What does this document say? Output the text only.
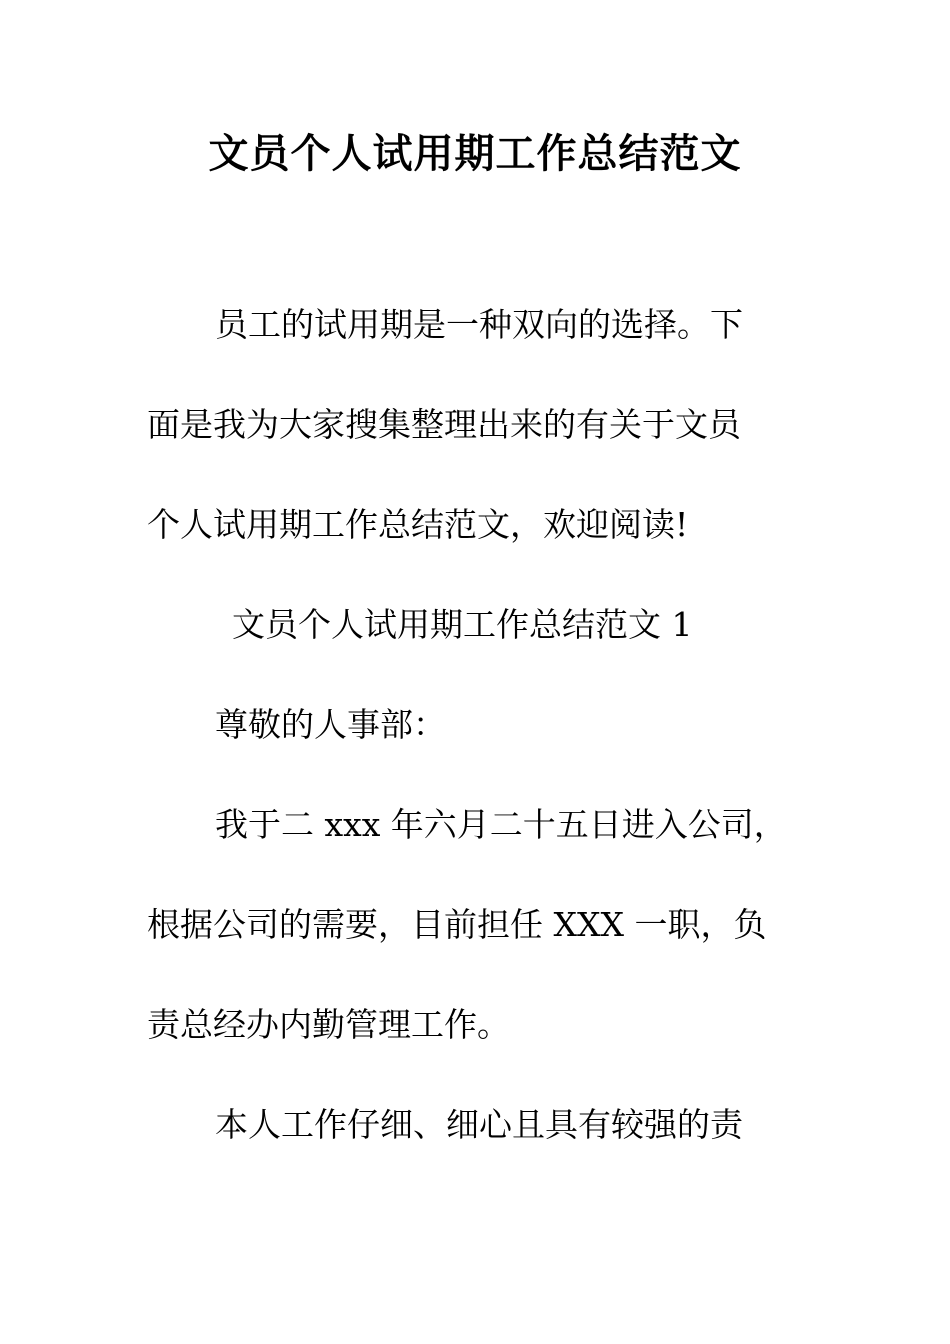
文员个人试用期工作总结范文
员工的试用期是一种双向的选择。下
面是我为大家搜集整理出来的有关于文员
个人试用期工作总结范文，欢迎阅读!
文员个人试用期工作总结范文 1
尊敬的人事部：
我于二 xxx 年六月二十五日进入公司，
根据公司的需要，目前担任 XXX 一职，负
责总经办内勤管理工作。
本人工作仔细、细心且具有较强的责
